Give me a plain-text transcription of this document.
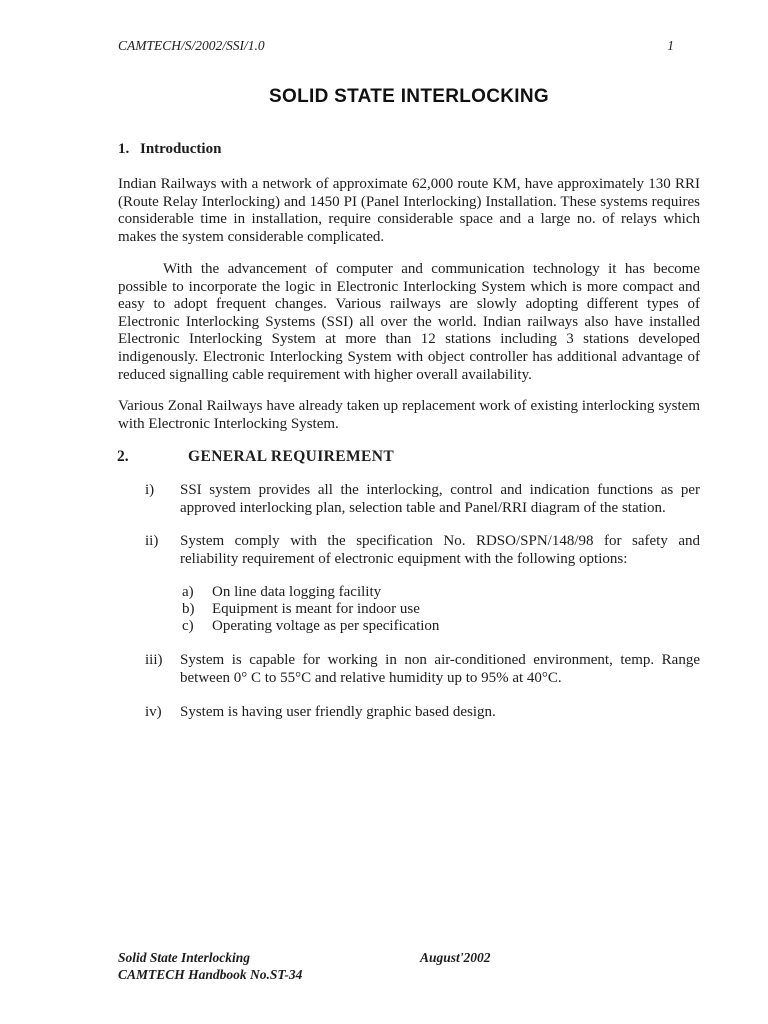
CAMTECH/S/2002/SSI/1.0	1
SOLID STATE INTERLOCKING
1. Introduction
Indian Railways with a network of approximate 62,000 route KM, have approximately 130 RRI (Route Relay Interlocking) and 1450 PI (Panel Interlocking) Installation. These systems requires considerable time in installation, require considerable space and a large no. of relays which makes the system considerable complicated.
With the advancement of computer and communication technology it has become possible to incorporate the logic in Electronic Interlocking System which is more compact and easy to adopt frequent changes. Various railways are slowly adopting different types of Electronic Interlocking Systems (SSI) all over the world. Indian railways also have installed Electronic Interlocking System at more than 12 stations including 3 stations developed indigenously. Electronic Interlocking System with object controller has additional advantage of reduced signalling cable requirement with higher overall availability.
Various Zonal Railways have already taken up replacement work of existing interlocking system with Electronic Interlocking System.
2.	GENERAL REQUIREMENT
i)	SSI system provides all the interlocking, control and indication functions as per approved interlocking plan, selection table and Panel/RRI diagram of the station.
ii)	System comply with the specification No. RDSO/SPN/148/98 for safety and reliability requirement of electronic equipment with the following options:
a)	On line data logging facility
b)	Equipment is meant for indoor use
c)	Operating voltage as per specification
iii)	System is capable for working in non air-conditioned environment, temp. Range between 0° C to 55°C and relative humidity up to 95% at 40°C.
iv)	System is having user friendly graphic based design.
Solid State Interlocking
CAMTECH Handbook No.ST-34
August'2002
